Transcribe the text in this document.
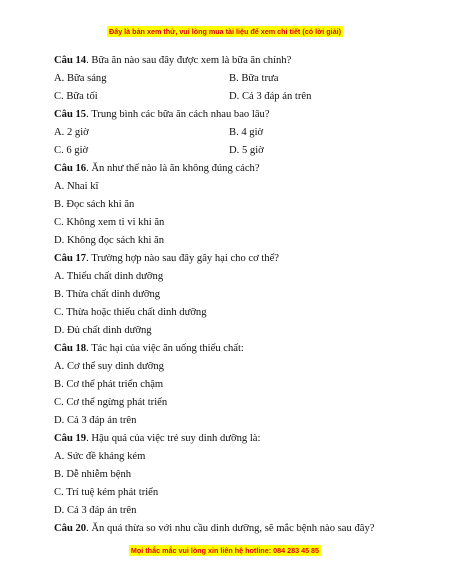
Đây là bản xem thử, vui lòng mua tài liệu để xem chi tiết (có lời giải)
Câu 14. Bữa ăn nào sau đây được xem là bữa ăn chính?
A. Bữa sáng	B. Bữa trưa
C. Bữa tối	D. Cả 3 đáp án trên
Câu 15. Trung bình các bữa ăn cách nhau bao lâu?
A. 2 giờ	B. 4 giờ
C. 6 giờ	D. 5 giờ
Câu 16. Ăn như thế nào là ăn không đúng cách?
A. Nhai kĩ
B. Đọc sách khi ăn
C. Không xem ti vi khi ăn
D. Không đọc sách khi ăn
Câu 17. Trường hợp nào sau đây gây hại cho cơ thể?
A. Thiếu chất dinh dưỡng
B. Thừa chất dinh dưỡng
C. Thừa hoặc thiếu chất dinh dưỡng
D. Đủ chất dinh dưỡng
Câu 18. Tác hại của việc ăn uống thiếu chất:
A. Cơ thể suy dinh dưỡng
B. Cơ thể phát triển chậm
C. Cơ thể ngừng phát triển
D. Cả 3 đáp án trên
Câu 19. Hậu quả của việc trẻ suy dinh dưỡng là:
A. Sức đề kháng kém
B. Dễ nhiễm bệnh
C. Trí tuệ kém phát triển
D. Cả 3 đáp án trên
Câu 20. Ăn quá thừa so với nhu cầu dinh dưỡng, sẽ mắc bệnh nào sau đây?
Mọi thắc mắc vui lòng xin liên hệ hotline: 084 283 45 85
